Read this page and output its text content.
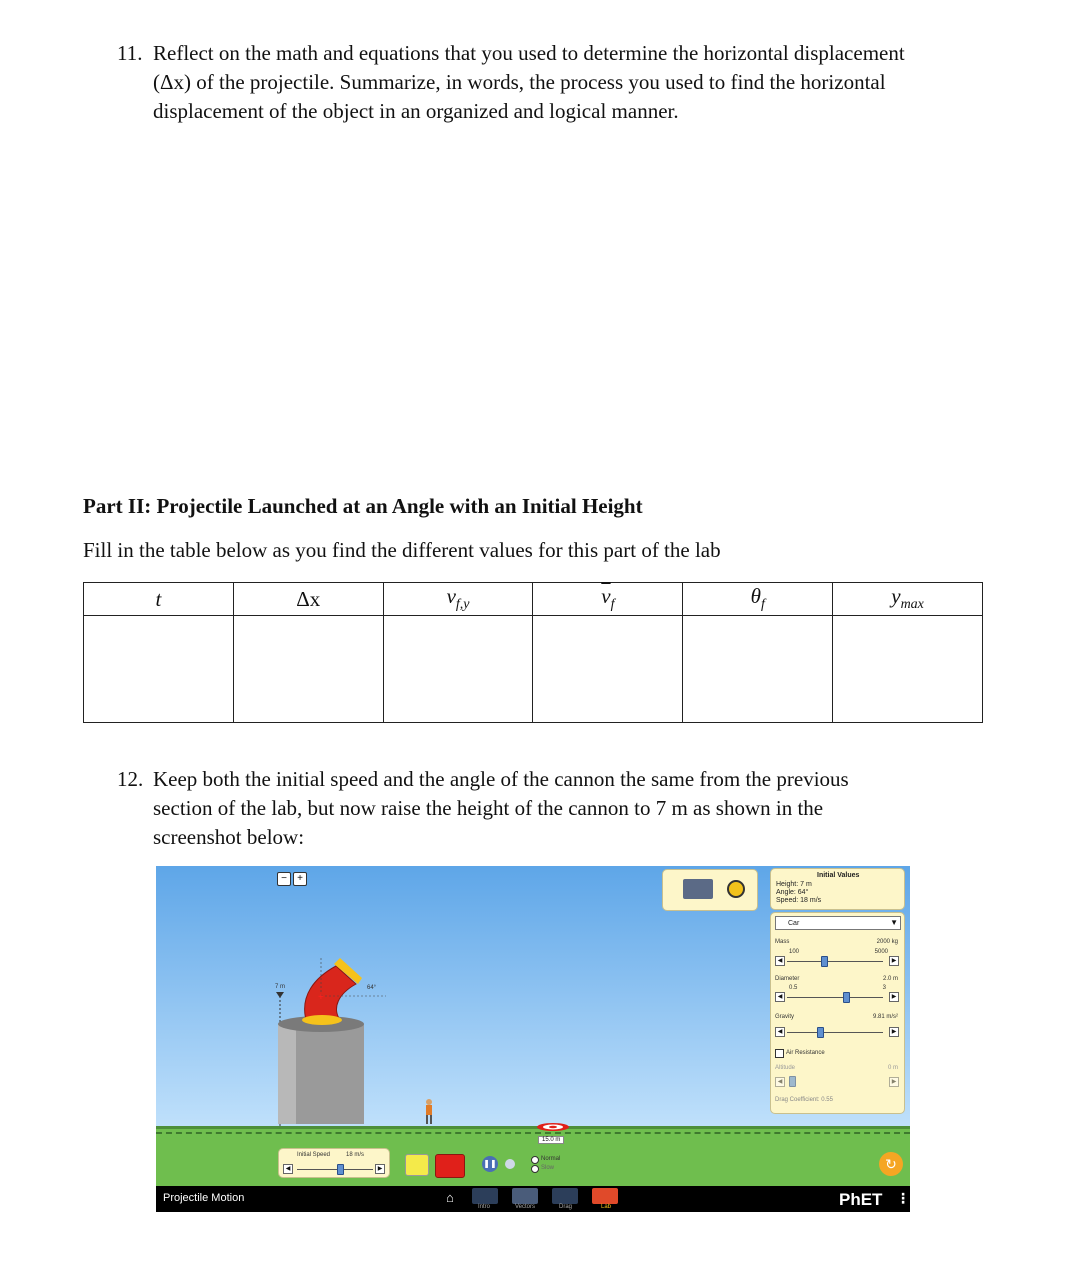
11. Reflect on the math and equations that you used to determine the horizontal displacement
(Δx) of the projectile. Summarize, in words, the process you used to find the horizontal
displacement of the object in an organized and logical manner.
Part II: Projectile Launched at an Angle with an Initial Height
Fill in the table below as you find the different values for this part of the lab
t	Δx	$v_{f,y}$	$\overline{v}_f$	$\theta_f$	$y_{max}$

12. Keep both the initial speed and the angle of the cannon the same from the previous
section of the lab, but now raise the height of the cannon to 7 m as shown in the
screenshot below:
−	+
+
7 m	64°
15.0 m
Initial Values
Height: 7 m
Angle: 64°
Speed: 18 m/s
Car	▼
Mass	2000 kg
100	5000
◀	▶
Diameter	2.0 m
0.5	3
◀	▶
Gravity	9.81 m/s²
◀	▶
Air Resistance
Altitude	0 m
◀	▶
Drag Coefficient: 0.55
Initial Speed	18 m/s
◀	▶
❚❚	Normal
Slow	↻
Projectile Motion	⌂
Intro	Vectors	Drag	Lab	PhET ⋮
